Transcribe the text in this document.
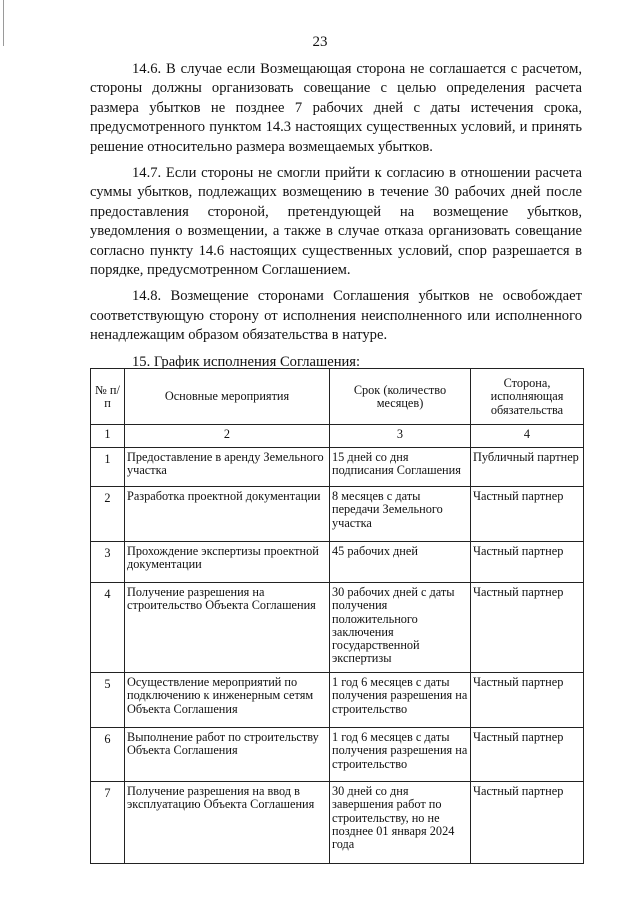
23

14.6. В случае если Возмещающая сторона не соглашается с расчетом, стороны должны организовать совещание с целью определения расчета размера убытков не позднее 7 рабочих дней с даты истечения срока, предусмотренного пунктом 14.3 настоящих существенных условий, и принять решение относительно размера возмещаемых убытков.

14.7. Если стороны не смогли прийти к согласию в отношении расчета суммы убытков, подлежащих возмещению в течение 30 рабочих дней после предоставления стороной, претендующей на возмещение убытков, уведомления о возмещении, а также в случае отказа организовать совещание согласно пункту 14.6 настоящих существенных условий, спор разрешается в порядке, предусмотренном Соглашением.

14.8. Возмещение сторонами Соглашения убытков не освобождает соответствующую сторону от исполнения неисполненного или исполненного ненадлежащим образом обязательства в натуре.

15. График исполнения Соглашения:

№ п/п	Основные мероприятия	Срок (количество месяцев)	Сторона, исполняющая обязательства
1	2	3	4
1	Предоставление в аренду Земельного участка	15 дней со дня подписания Соглашения	Публичный партнер
2	Разработка проектной документации	8 месяцев с даты передачи Земельного участка	Частный партнер
3	Прохождение экспертизы проектной документации	45 рабочих дней	Частный партнер
4	Получение разрешения на строительство Объекта Соглашения	30 рабочих дней с даты получения положительного заключения государственной экспертизы	Частный партнер
5	Осуществление мероприятий по подключению к инженерным сетям Объекта Соглашения	1 год 6 месяцев с даты получения разрешения на строительство	Частный партнер
6	Выполнение работ по строительству Объекта Соглашения	1 год 6 месяцев с даты получения разрешения на строительство	Частный партнер
7	Получение разрешения на ввод в эксплуатацию Объекта Соглашения	30 дней со дня завершения работ по строительству, но не позднее 01 января 2024 года	Частный партнер
